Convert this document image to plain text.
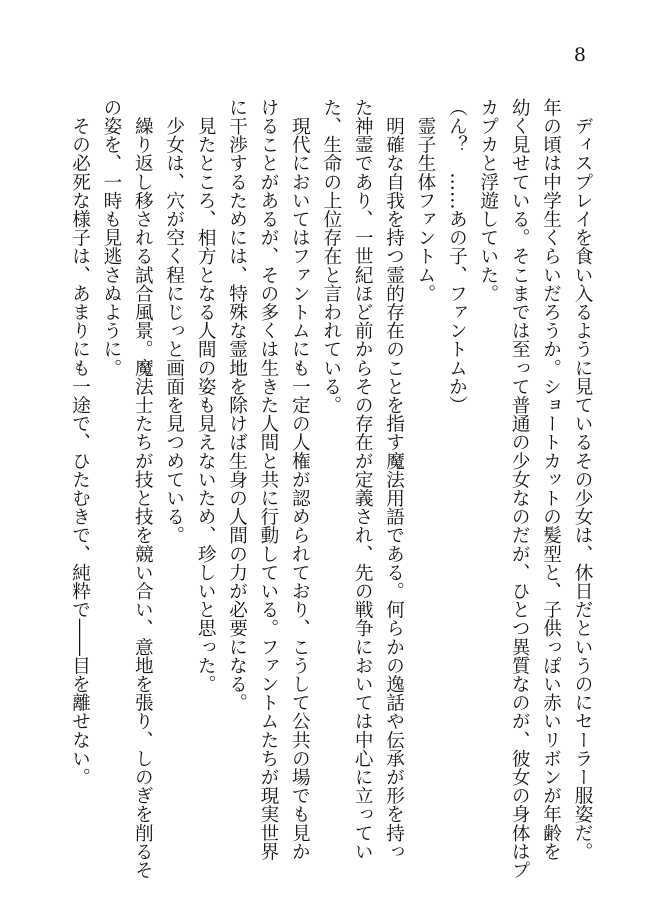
8

　ディスプレイを食い入るように見ているその少女は、休日だというのにセーラー服姿だ。

年の頃は中学生くらいだろうか。ショートカットの髪型と、子供っぽい赤いリボンが年齢を

幼く見せている。そこまでは至って普通の少女なのだが、ひとつ異質なのが、彼女の身体はプ

カプカと浮遊していた。

（ん？　……あの子、ファントムか）

　霊子生体ファントム。

　明確な自我を持つ霊的存在のことを指す魔法用語である。何らかの逸話や伝承が形を持っ

た神霊であり、一世紀ほど前からその存在が定義され、先の戦争においては中心に立ってい

た、生命の上位存在と言われている。

　現代においてはファントムにも一定の人権が認められており、こうして公共の場でも見か

けることがあるが、その多くは生きた人間と共に行動している。ファントムたちが現実世界

に干渉するためには、特殊な霊地を除けば生身の人間の力が必要になる。

　見たところ、相方となる人間の姿も見えないため、珍しいと思った。

　少女は、穴が空く程にじっと画面を見つめている。

　繰り返し移される試合風景。魔法士たちが技と技を競い合い、意地を張り、しのぎを削るそ

の姿を、一時も見逃さぬように。

　その必死な様子は、あまりにも一途で、ひたむきで、純粋で――目を離せない。
